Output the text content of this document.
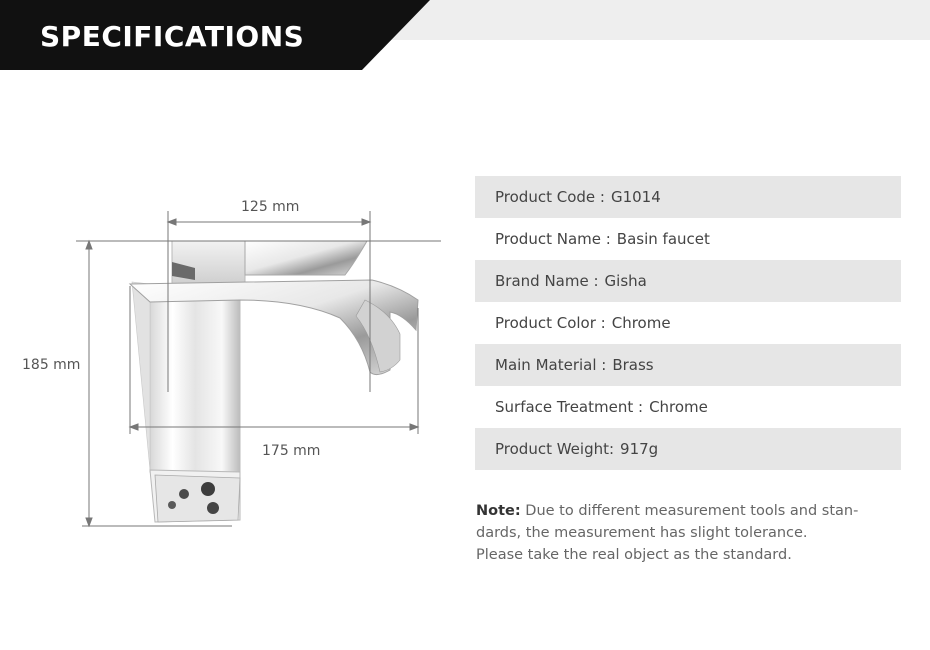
SPECIFICATIONS
125 mm
185 mm
175 mm
Product Code : G1014
Product Name : Basin faucet
Brand Name : Gisha
Product Color : Chrome
Main Material : Brass
Surface Treatment : Chrome
Product Weight: 917g
Note: Due to different measurement tools and stan-
dards, the measurement has slight tolerance.
Please take the real object as the standard.
